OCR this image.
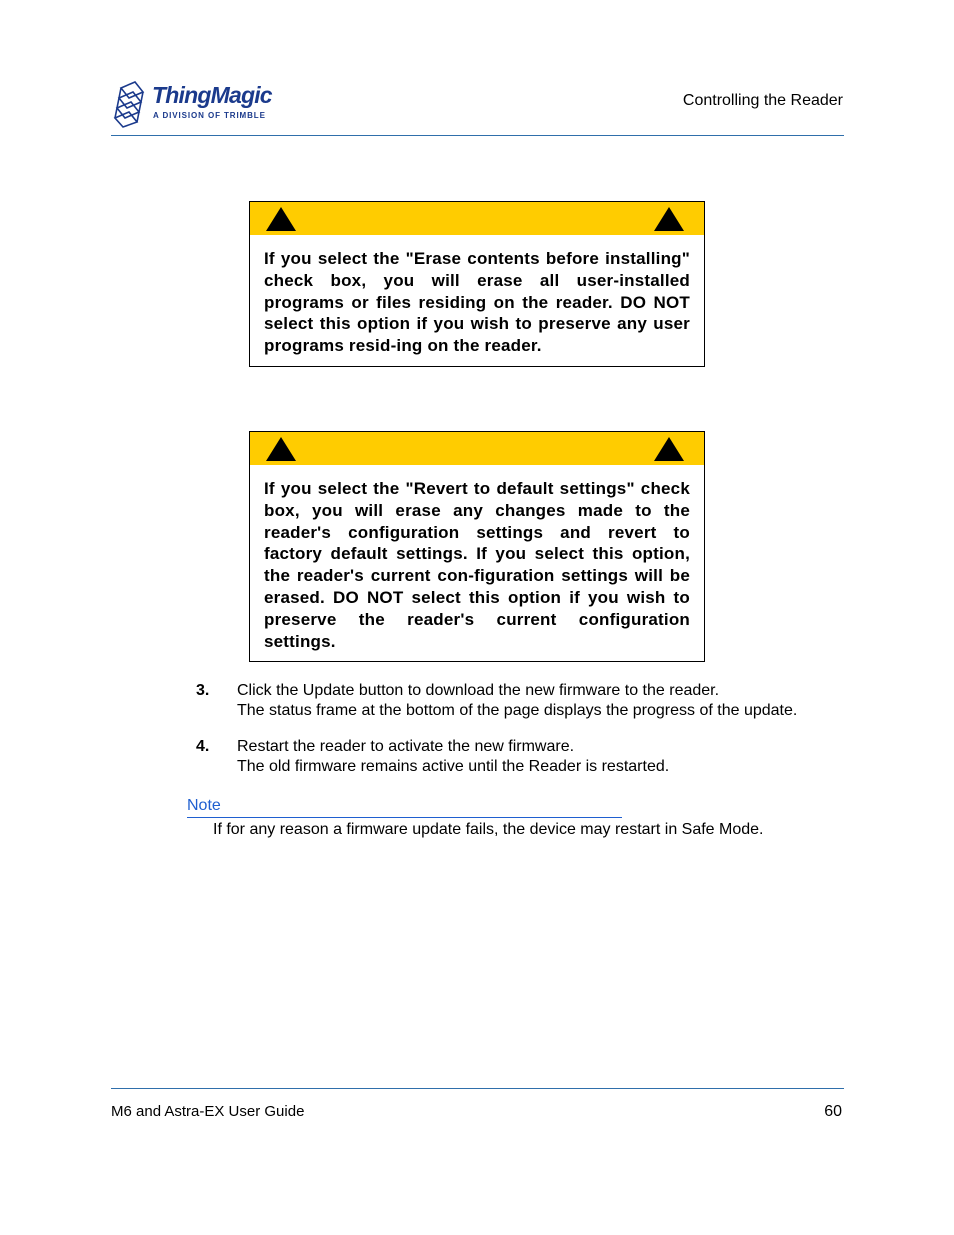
ThingMagic
A DIVISION OF TRIMBLE
Controlling the Reader

If you select the "Erase contents before installing" check box, you will erase all user-installed programs or files residing on the reader. DO NOT select this option if you wish to preserve any user programs resid-ing on the reader.

If you select the "Revert to default settings" check box, you will erase any changes made to the reader's configuration settings and revert to factory default settings. If you select this option, the reader's current con-figuration settings will be erased. DO NOT select this option if you wish to preserve the reader's current configuration settings.

3. Click the Update button to download the new firmware to the reader.
The status frame at the bottom of the page displays the progress of the update.
4. Restart the reader to activate the new firmware.
The old firmware remains active until the Reader is restarted.
Note
If for any reason a firmware update fails, the device may restart in Safe Mode.
M6 and Astra-EX User Guide	60
